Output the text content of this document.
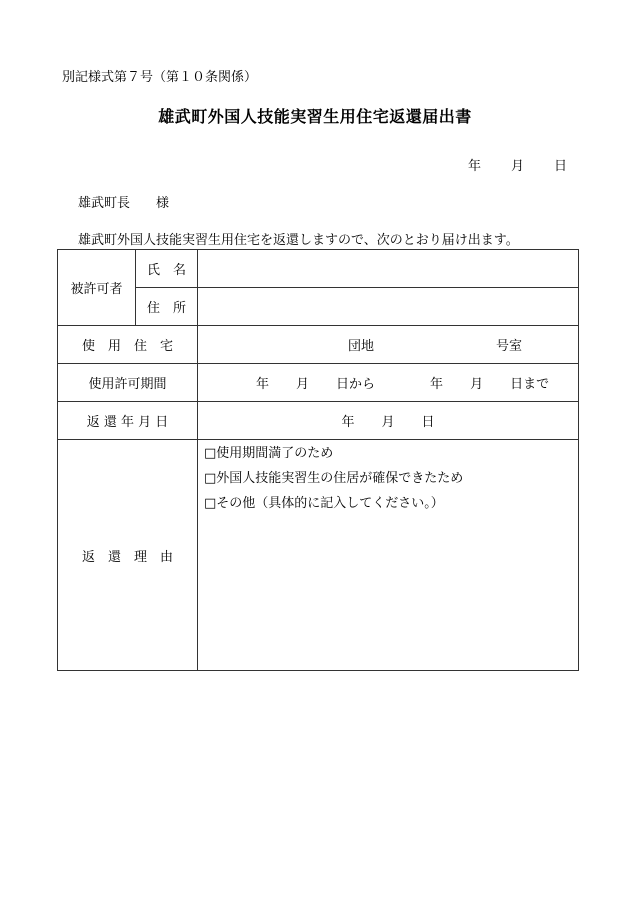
別記様式第７号（第１０条関係）
雄武町外国人技能実習生用住宅返還届出書
年 月 日
雄武町長 様
雄武町外国人技能実習生用住宅を返還しますので、次のとおり届け出ます。
被許可者	氏　名	
	住　所	
使　用　住　宅		団地 号室
使用許可期間		年 月 日から 年 月 日まで
返 還 年 月 日		年 月 日
返　還　理　由		□使用期間満了のため
□外国人技能実習生の住居が確保できたため
□その他（具体的に記入してください。）
